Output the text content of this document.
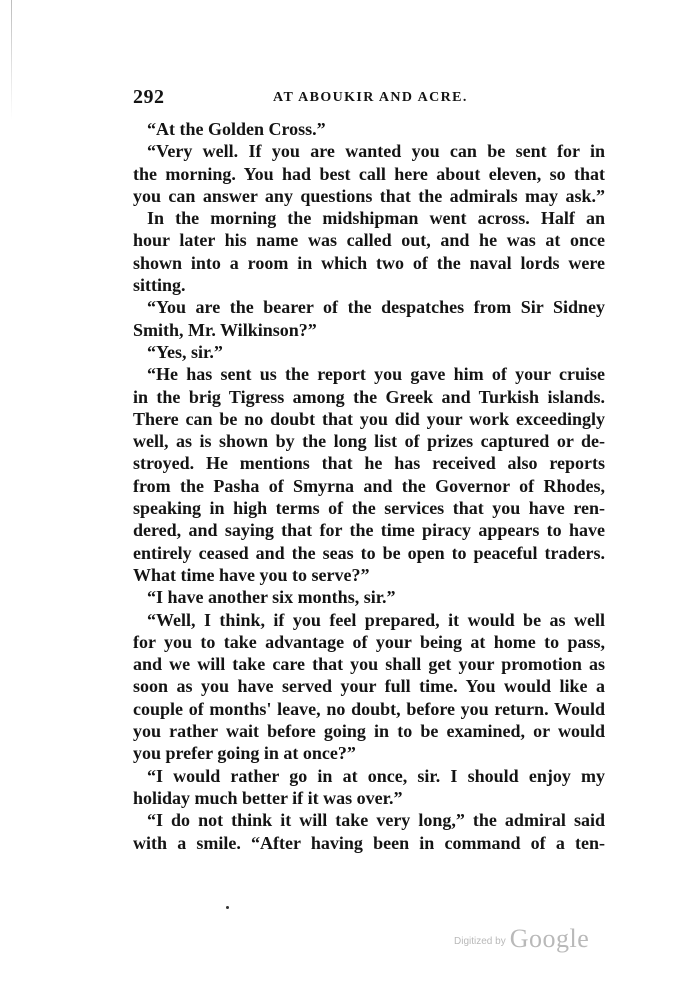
292	AT ABOUKIR AND ACRE.
“At the Golden Cross.”
“Very well. If you are wanted you can be sent for in
the morning. You had best call here about eleven, so that
you can answer any questions that the admirals may ask.”
In the morning the midshipman went across. Half an
hour later his name was called out, and he was at once
shown into a room in which two of the naval lords were
sitting.
“You are the bearer of the despatches from Sir Sidney
Smith, Mr. Wilkinson?”
“Yes, sir.”
“He has sent us the report you gave him of your cruise
in the brig Tigress among the Greek and Turkish islands.
There can be no doubt that you did your work exceedingly
well, as is shown by the long list of prizes captured or de-
stroyed. He mentions that he has received also reports
from the Pasha of Smyrna and the Governor of Rhodes,
speaking in high terms of the services that you have ren-
dered, and saying that for the time piracy appears to have
entirely ceased and the seas to be open to peaceful traders.
What time have you to serve?”
“I have another six months, sir.”
“Well, I think, if you feel prepared, it would be as well
for you to take advantage of your being at home to pass,
and we will take care that you shall get your promotion as
soon as you have served your full time. You would like a
couple of months' leave, no doubt, before you return. Would
you rather wait before going in to be examined, or would
you prefer going in at once?”
“I would rather go in at once, sir. I should enjoy my
holiday much better if it was over.”
“I do not think it will take very long,” the admiral said
with a smile. “After having been in command of a ten-
Digitized by Google
